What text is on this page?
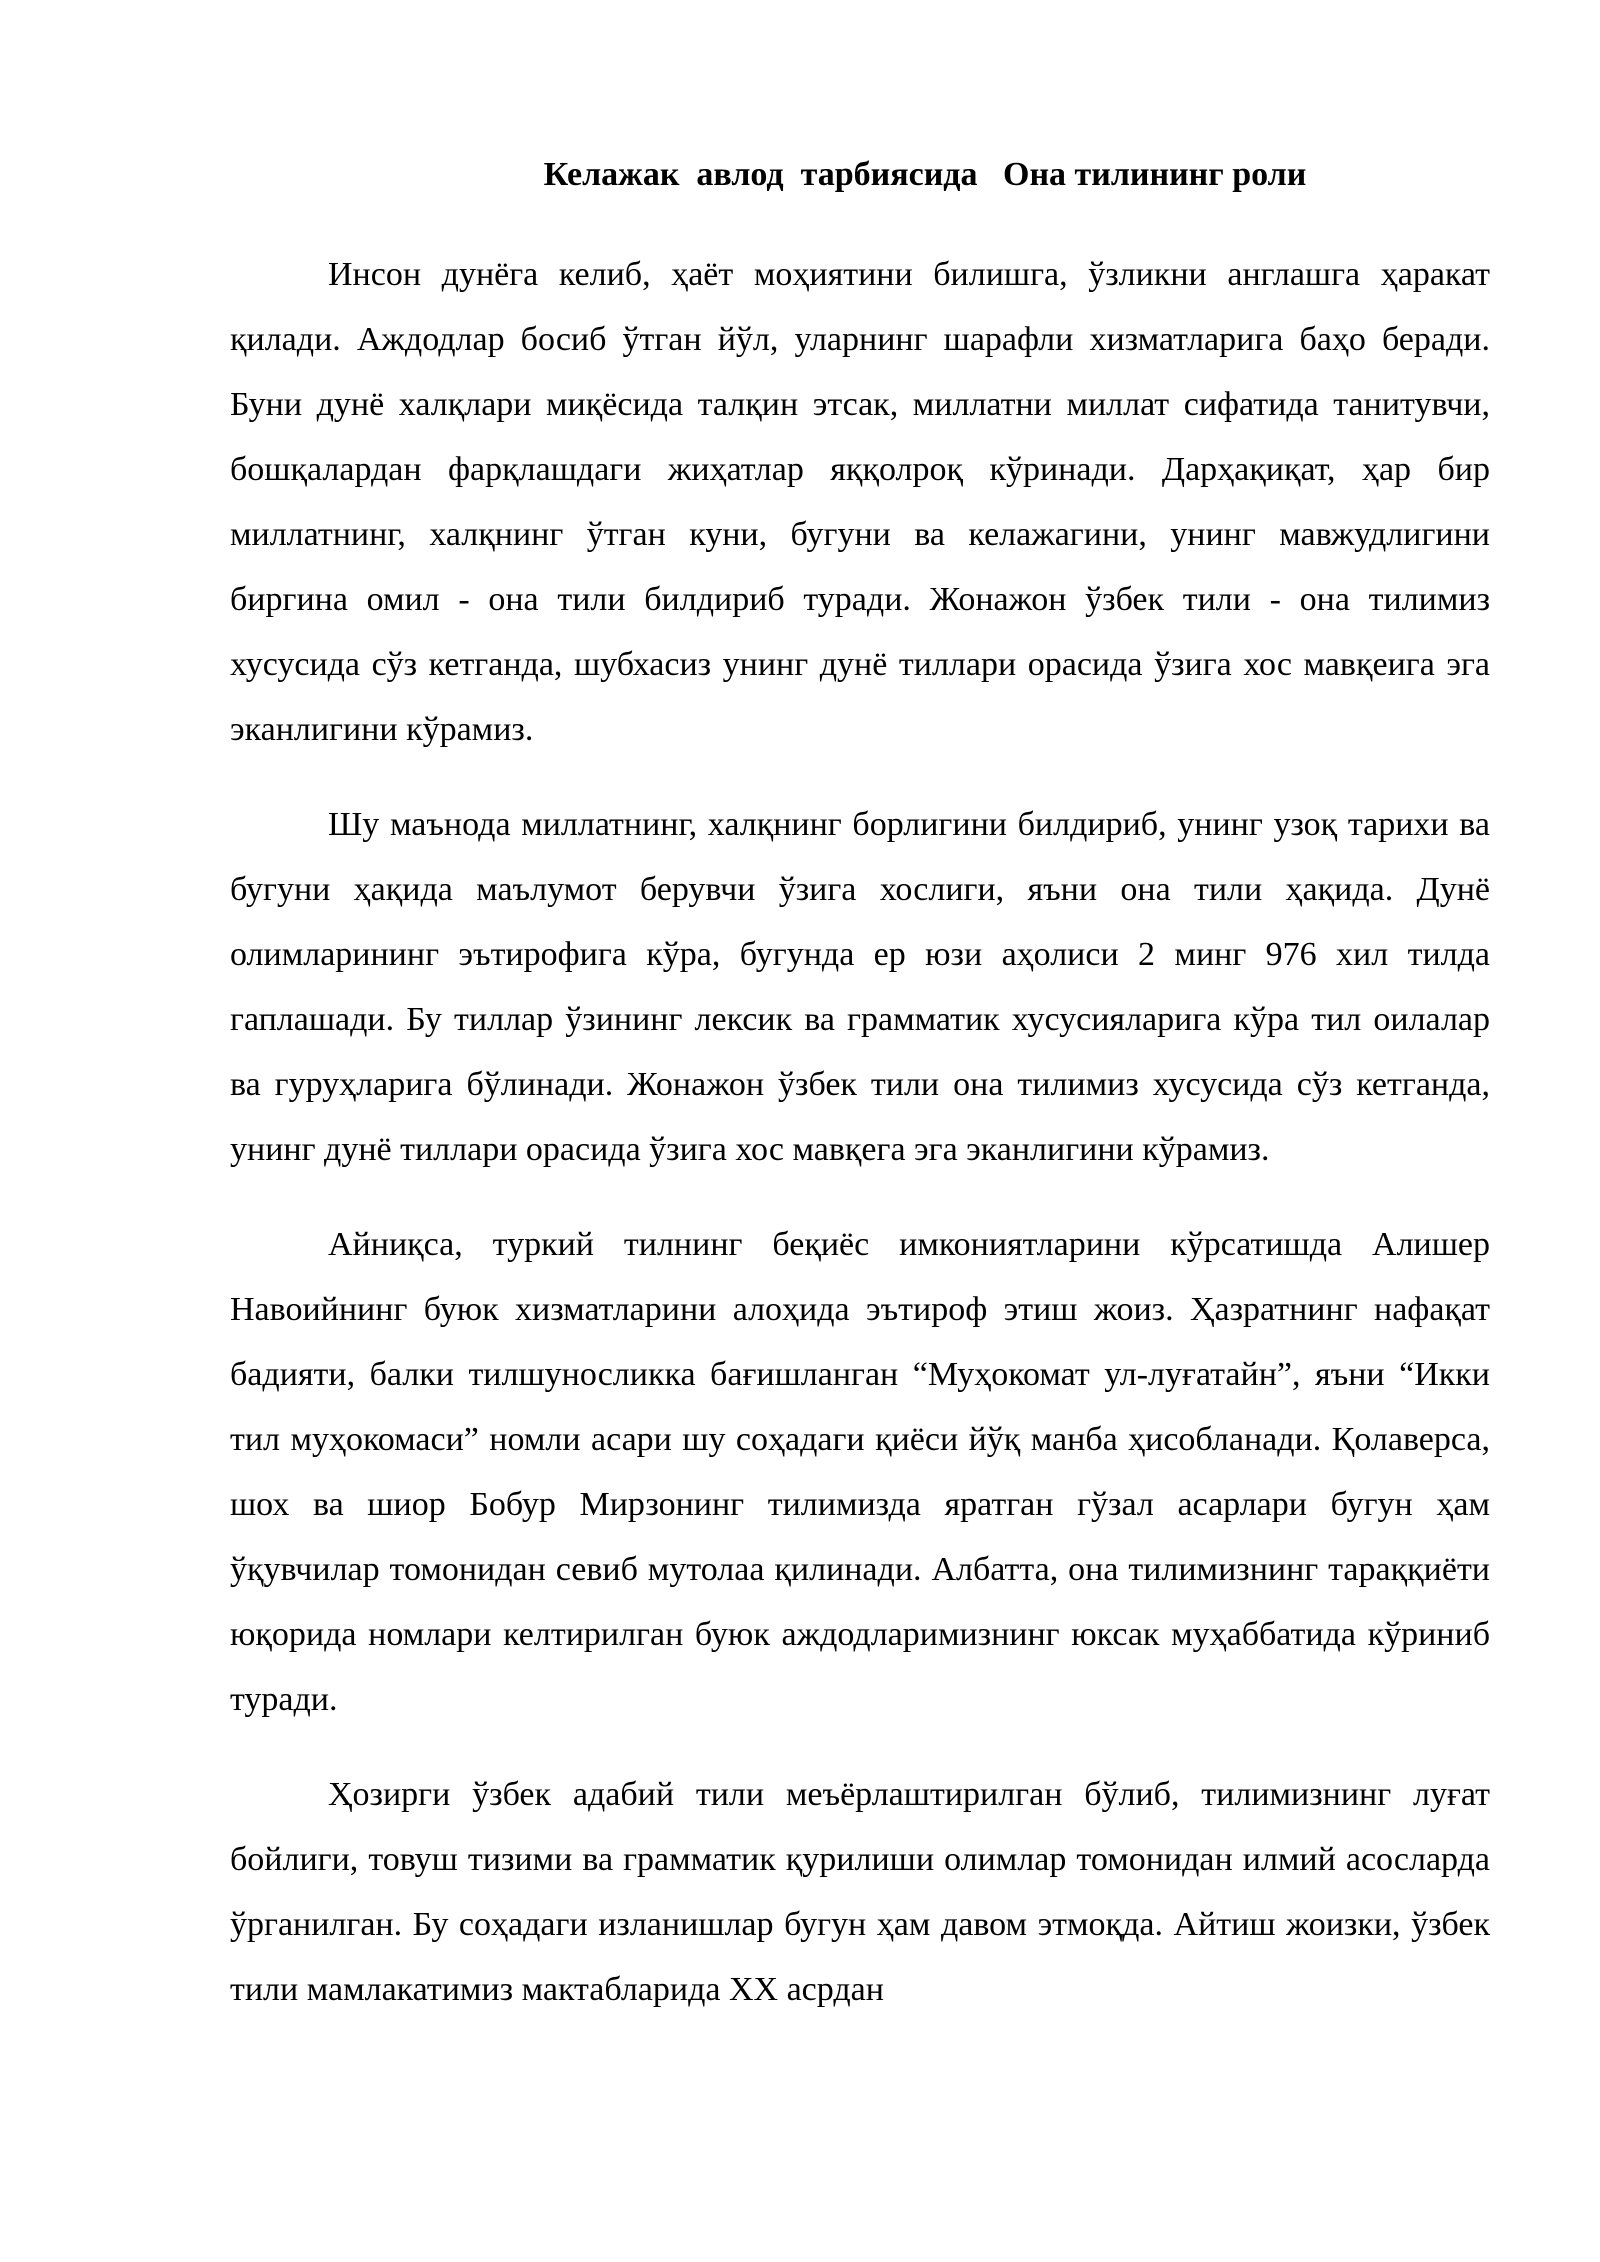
Келажак  авлод  тарбиясида   Она тилининг роли

Инсон дунёга келиб, ҳаёт моҳиятини билишга, ўзликни англашга ҳаракат қилади. Аждодлар босиб ўтган йўл, уларнинг шарафли хизматларига баҳо беради. Буни дунё халқлари миқёсида талқин этсак, миллатни миллат сифатида танитувчи, бошқалардан фарқлашдаги жиҳатлар яққолроқ кўринади. Дарҳақиқат, ҳар бир миллатнинг, халқнинг ўтган куни, бугуни ва келажагини, унинг мавжудлигини биргина омил - она тили билдириб туради. Жонажон ўзбек тили - она тилимиз хусусида сўз кетганда, шубхасиз унинг дунё тиллари орасида ўзига хос мавқеига эга эканлигини кўрамиз.

Шу маънода миллатнинг, халқнинг борлигини билдириб, унинг узоқ тарихи ва бугуни ҳақида маълумот берувчи ўзига хослиги, яъни она тили ҳақида. Дунё олимларининг эътирофига кўра, бугунда ер юзи аҳолиси 2 минг 976 хил тилда гаплашади. Бу тиллар ўзининг лексик ва грамматик хусусияларига кўра тил оилалар ва гуруҳларига бўлинади. Жонажон ўзбек тили она тилимиз хусусида сўз кетганда, унинг дунё тиллари орасида ўзига хос мавқега эга эканлигини кўрамиз.

Айниқса, туркий тилнинг беқиёс имкониятларини кўрсатишда Алишер Навоийнинг буюк хизматларини алоҳида эътироф этиш жоиз. Ҳазратнинг нафақат бадияти, балки тилшуносликка бағишланган “Муҳокомат ул-луғатайн”, яъни “Икки тил муҳокомаси” номли асари шу соҳадаги қиёси йўқ манба ҳисобланади. Қолаверса, шох ва шиор Бобур Мирзонинг тилимизда яратган гўзал асарлари бугун ҳам ўқувчилар томонидан севиб мутолаа қилинади. Албатта, она тилимизнинг тараққиёти юқорида номлари келтирилган буюк аждодларимизнинг юксак муҳаббатида кўриниб туради.

Ҳозирги ўзбек адабий тили меъёрлаштирилган бўлиб, тилимизнинг луғат бойлиги, товуш тизими ва грамматик қурилиши олимлар томонидан илмий асосларда ўрганилган. Бу соҳадаги изланишлар бугун ҳам давом этмоқда. Айтиш жоизки, ўзбек тили мамлакатимиз мактабларида XX асрдан
